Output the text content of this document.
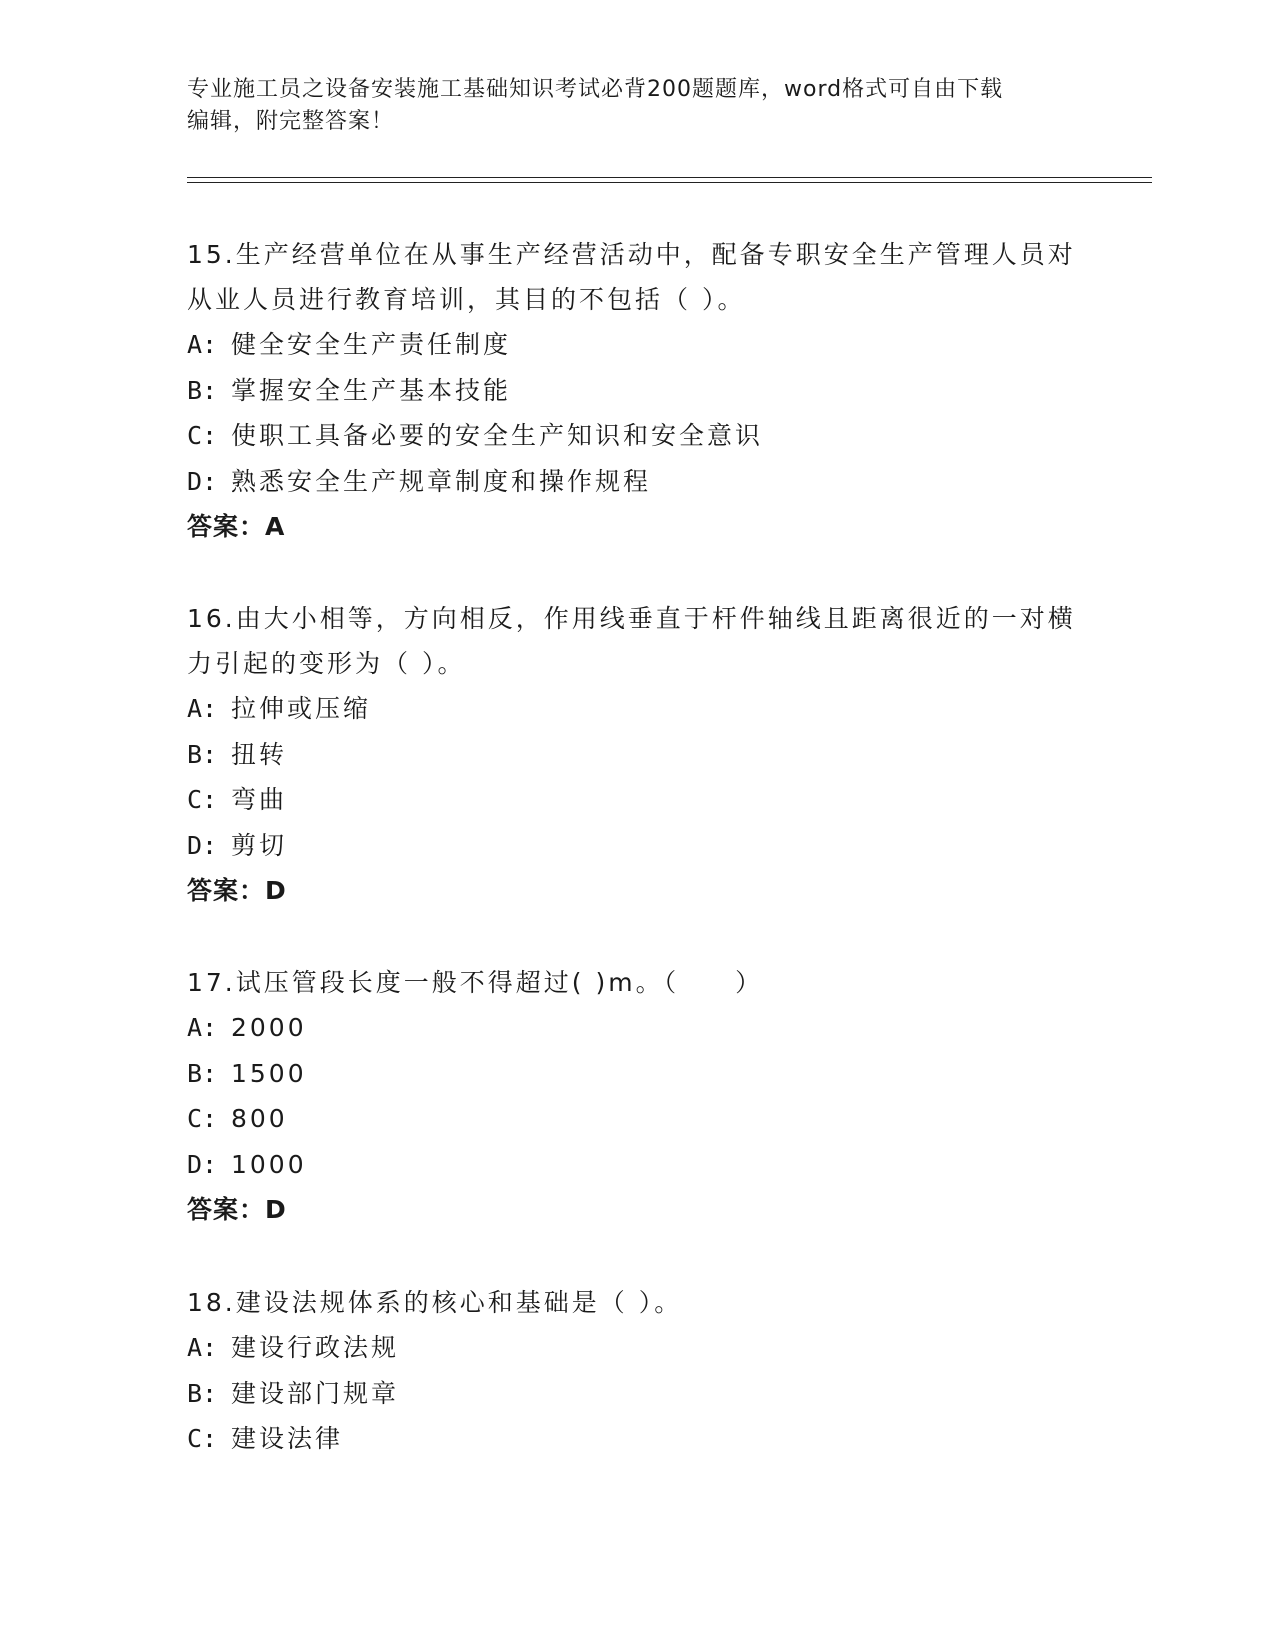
专业施工员之设备安装施工基础知识考试必背200题题库，word格式可自由下载
编辑，附完整答案！

15.生产经营单位在从事生产经营活动中，配备专职安全生产管理人员对从业人员进行教育培训，其目的不包括（ ）。

A: 健全安全生产责任制度

B: 掌握安全生产基本技能

C: 使职工具备必要的安全生产知识和安全意识

D: 熟悉安全生产规章制度和操作规程

答案：A

16.由大小相等，方向相反，作用线垂直于杆件轴线且距离很近的一对横力引起的变形为（ ）。

A: 拉伸或压缩

B: 扭转

C: 弯曲

D: 剪切

答案：D

17.试压管段长度一般不得超过( )m。（　　）

A: 2000

B: 1500

C: 800

D: 1000

答案：D

18.建设法规体系的核心和基础是（ ）。

A: 建设行政法规

B: 建设部门规章

C: 建设法律
